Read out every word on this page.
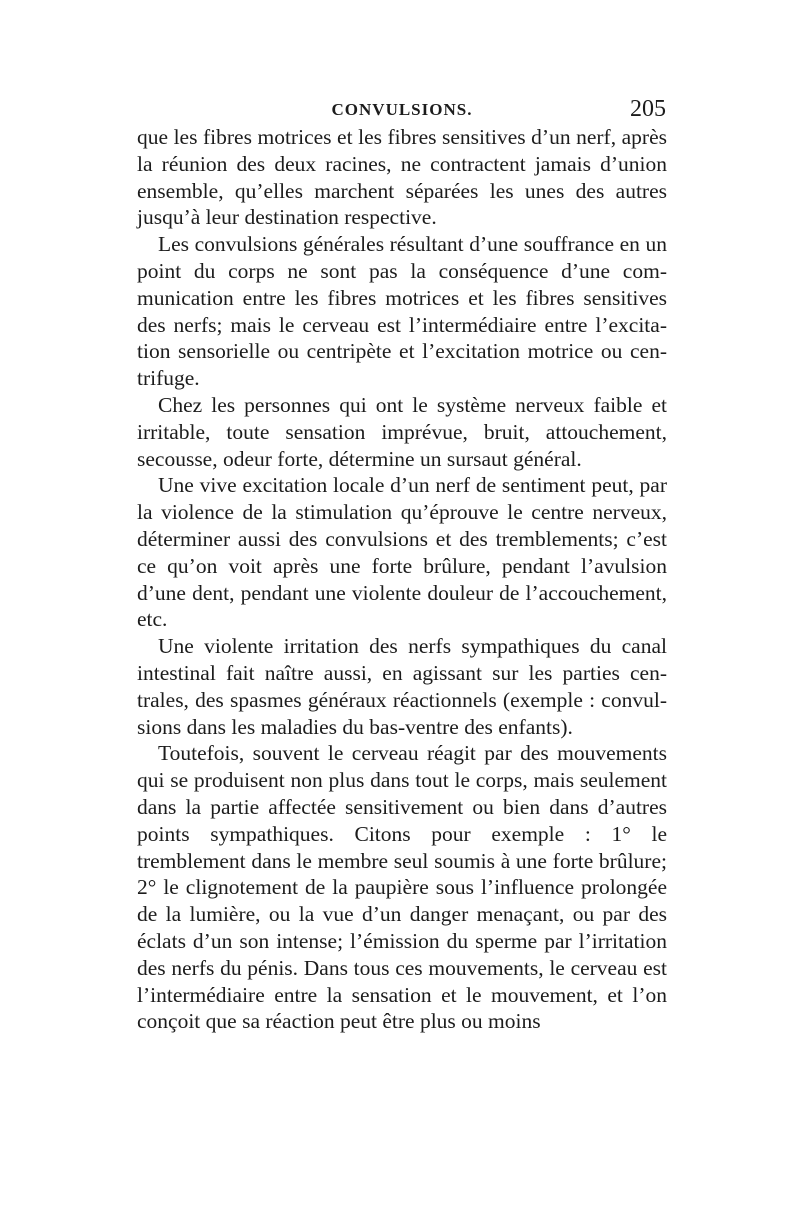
CONVULSIONS.	205

que les fibres motrices et les fibres sensitives d’un nerf, après la réunion des deux racines, ne contractent jamais d’union ensemble, qu’elles marchent séparées les unes des autres jusqu’à leur destination respective.

Les convulsions générales résultant d’une souffrance en un point du corps ne sont pas la conséquence d’une communication entre les fibres motrices et les fibres sensitives des nerfs; mais le cerveau est l’intermédiaire entre l’excitation sensorielle ou centripète et l’excitation motrice ou centrifuge.

Chez les personnes qui ont le système nerveux faible et irritable, toute sensation imprévue, bruit, attouchement, secousse, odeur forte, détermine un sursaut général.

Une vive excitation locale d’un nerf de sentiment peut, par la violence de la stimulation qu’éprouve le centre nerveux, déterminer aussi des convulsions et des tremblements; c’est ce qu’on voit après une forte brûlure, pendant l’avulsion d’une dent, pendant une violente douleur de l’accouchement, etc.

Une violente irritation des nerfs sympathiques du canal intestinal fait naître aussi, en agissant sur les parties centrales, des spasmes généraux réactionnels (exemple : convulsions dans les maladies du bas-ventre des enfants).

Toutefois, souvent le cerveau réagit par des mouvements qui se produisent non plus dans tout le corps, mais seulement dans la partie affectée sensitivement ou bien dans d’autres points sympathiques. Citons pour exemple : 1° le tremblement dans le membre seul soumis à une forte brûlure; 2° le clignotement de la paupière sous l’influence prolongée de la lumière, ou la vue d’un danger menaçant, ou par des éclats d’un son intense; l’émission du sperme par l’irritation des nerfs du pénis. Dans tous ces mouvements, le cerveau est l’intermédiaire entre la sensation et le mouvement, et l’on conçoit que sa réaction peut être plus ou moins
